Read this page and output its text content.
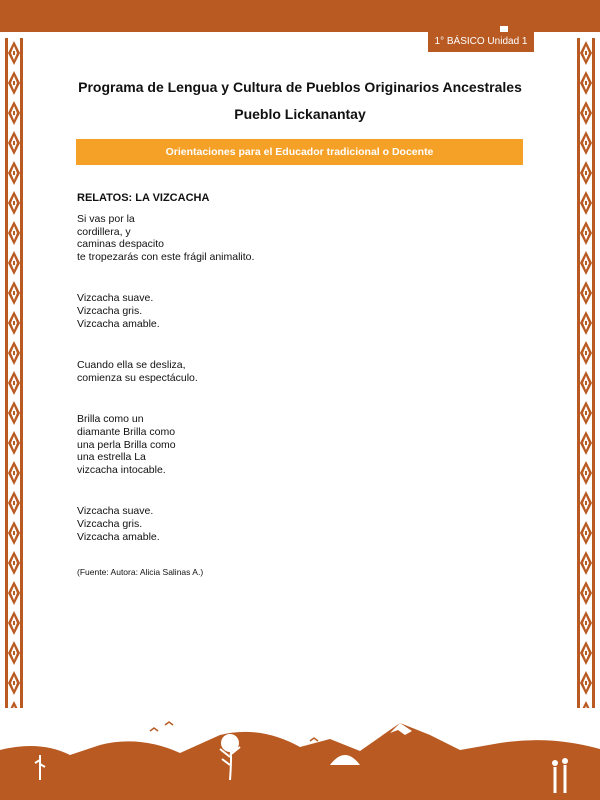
1° BÁSICO Unidad 1
Programa de Lengua y Cultura de Pueblos Originarios Ancestrales
Pueblo Lickanantay
Orientaciones para el Educador tradicional o Docente
RELATOS: LA VIZCACHA
Si vas por la
cordillera, y
caminas despacito
te tropezarás con este frágil animalito.
Vizcacha suave.
Vizcacha gris.
Vizcacha amable.
Cuando ella se desliza,
comienza su espectáculo.
Brilla como un
diamante Brilla como
una perla Brilla como
una estrella La
vizcacha intocable.
Vizcacha suave.
Vizcacha gris.
Vizcacha amable.
(Fuente: Autora: Alicia Salinas A.)
